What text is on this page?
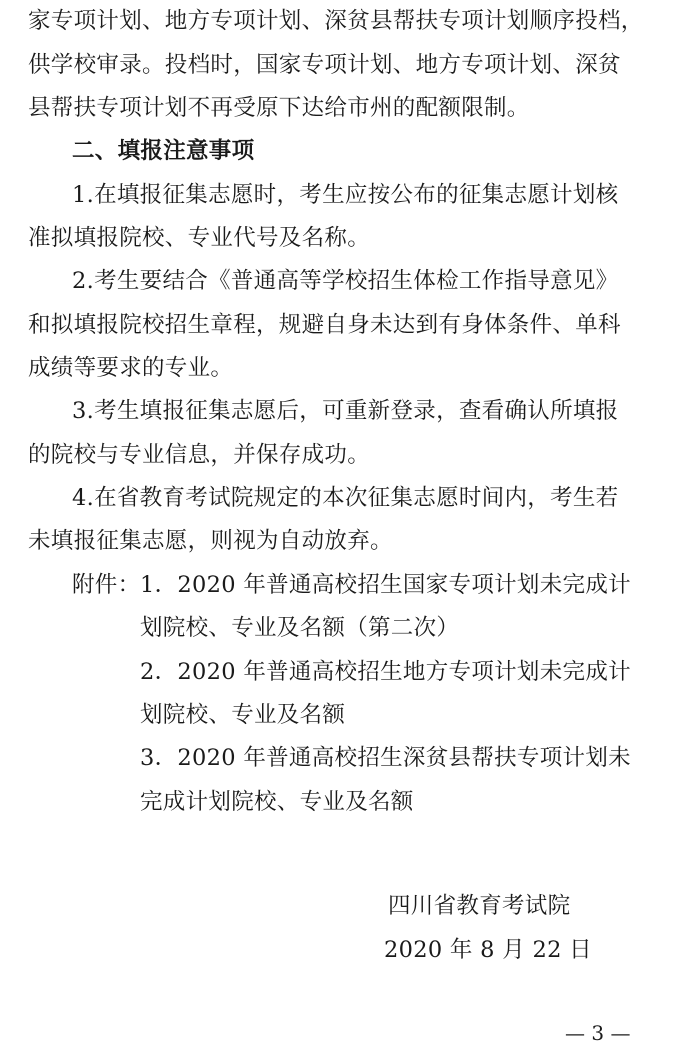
家专项计划、地方专项计划、深贫县帮扶专项计划顺序投档，
供学校审录。投档时，国家专项计划、地方专项计划、深贫
县帮扶专项计划不再受原下达给市州的配额限制。
二、填报注意事项
1.在填报征集志愿时，考生应按公布的征集志愿计划核
准拟填报院校、专业代号及名称。
2.考生要结合《普通高等学校招生体检工作指导意见》
和拟填报院校招生章程，规避自身未达到有身体条件、单科
成绩等要求的专业。
3.考生填报征集志愿后，可重新登录，查看确认所填报
的院校与专业信息，并保存成功。
4.在省教育考试院规定的本次征集志愿时间内，考生若
未填报征集志愿，则视为自动放弃。
附件： 1．2020 年普通高校招生国家专项计划未完成计
划院校、专业及名额（第二次）
2．2020 年普通高校招生地方专项计划未完成计
划院校、专业及名额
3．2020 年普通高校招生深贫县帮扶专项计划未
完成计划院校、专业及名额
四川省教育考试院
2020 年 8 月 22 日
— 3 —
